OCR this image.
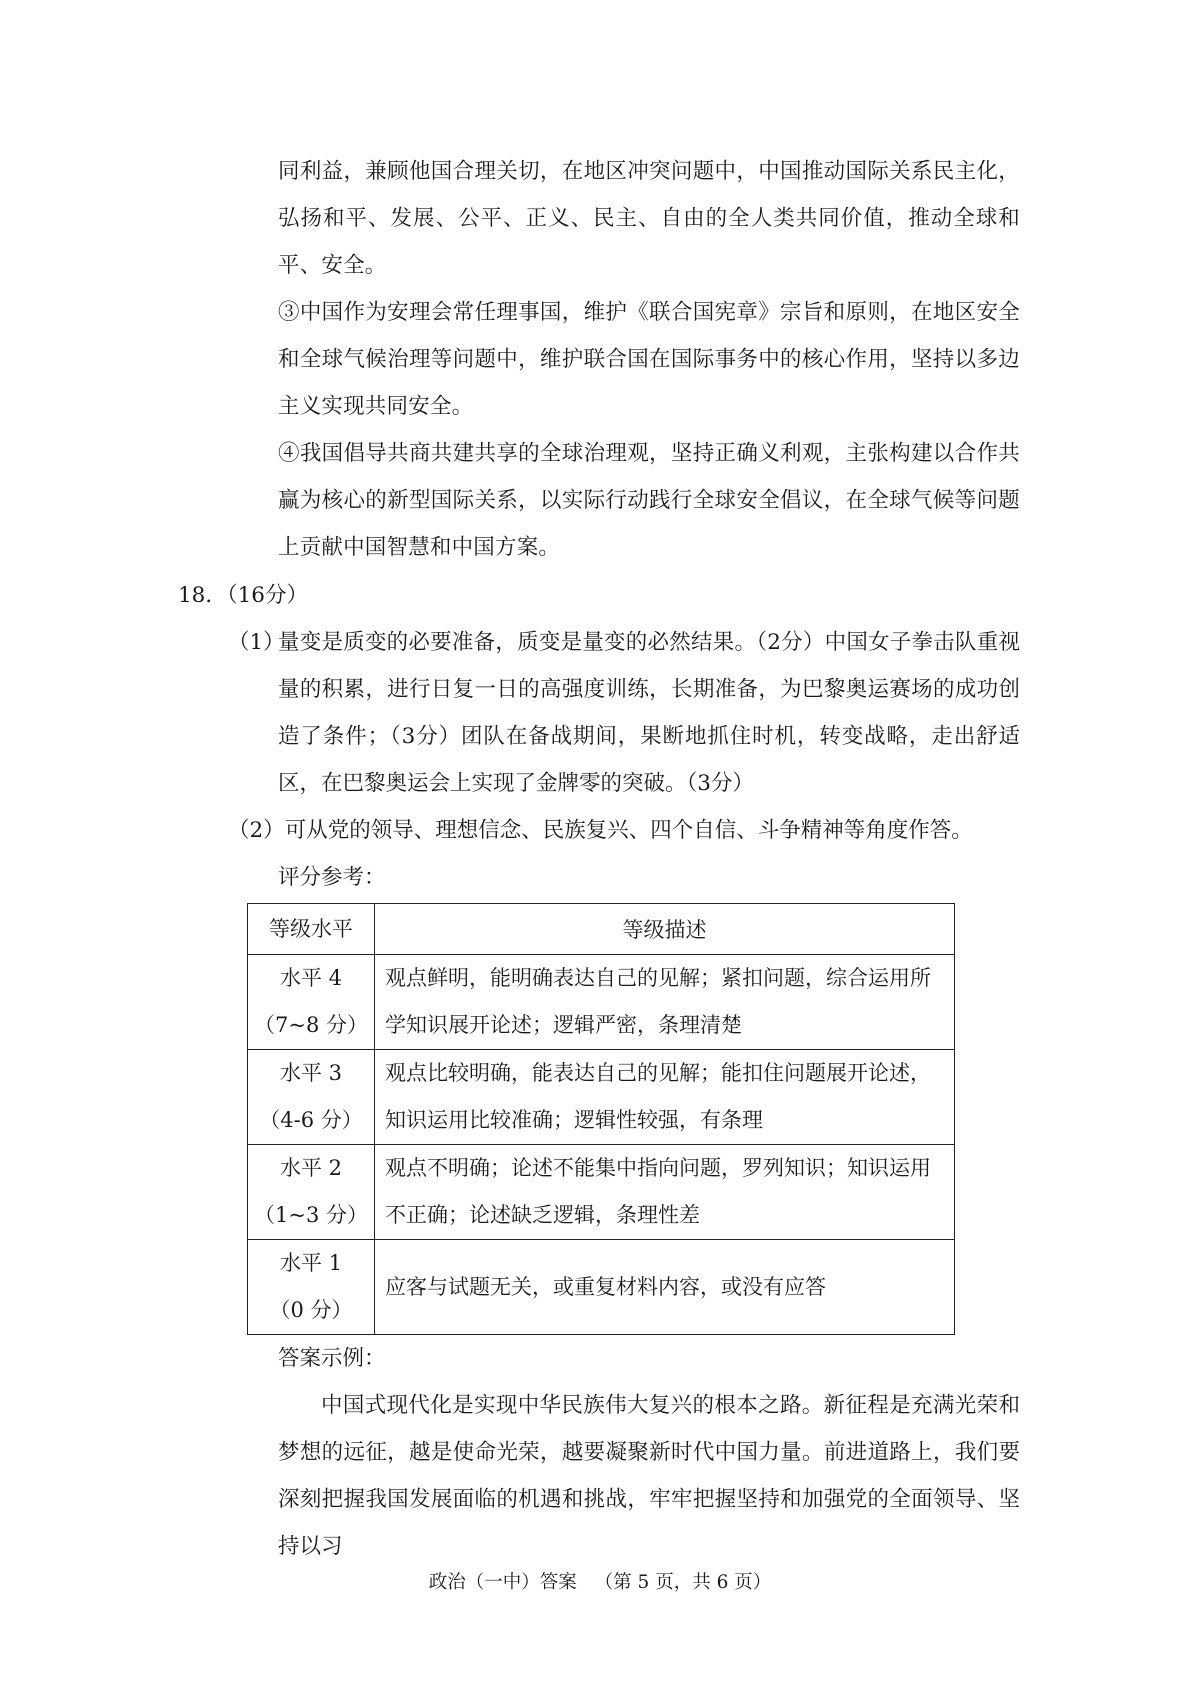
同利益，兼顾他国合理关切，在地区冲突问题中，中国推动国际关系民主化，弘扬和平、发展、公平、正义、民主、自由的全人类共同价值，推动全球和平、安全。
③中国作为安理会常任理事国，维护《联合国宪章》宗旨和原则，在地区安全和全球气候治理等问题中，维护联合国在国际事务中的核心作用，坚持以多边主义实现共同安全。
④我国倡导共商共建共享的全球治理观，坚持正确义利观，主张构建以合作共赢为核心的新型国际关系，以实际行动践行全球安全倡议，在全球气候等问题上贡献中国智慧和中国方案。
18．（16分）
（1）
量变是质变的必要准备，质变是量变的必然结果。（2分）中国女子拳击队重视量的积累，进行日复一日的高强度训练，长期准备，为巴黎奥运赛场的成功创造了条件；（3分）团队在备战期间，果断地抓住时机，转变战略，走出舒适区，在巴黎奥运会上实现了金牌零的突破。（3分）
（2）可从党的领导、理想信念、民族复兴、四个自信、斗争精神等角度作答。
评分参考：
等级水平	等级描述

水平 4
（7~8 分）	观点鲜明，能明确表达自己的见解；紧扣问题，综合运用所学知识展开论述；逻辑严密，条理清楚

水平 3
（4-6 分）	观点比较明确，能表达自己的见解；能扣住问题展开论述，知识运用比较准确；逻辑性较强，有条理

水平 2
（1~3 分）	观点不明确；论述不能集中指向问题，罗列知识；知识运用不正确；论述缺乏逻辑，条理性差

水平 1
（0 分）	应客与试题无关，或重复材料内容，或没有应答
答案示例：
中国式现代化是实现中华民族伟大复兴的根本之路。新征程是充满光荣和梦想的远征，越是使命光荣，越要凝聚新时代中国力量。前进道路上，我们要深刻把握我国发展面临的机遇和挑战，牢牢把握坚持和加强党的全面领导、坚持以习
政治（一中）答案 （第 5 页，共 6 页）
